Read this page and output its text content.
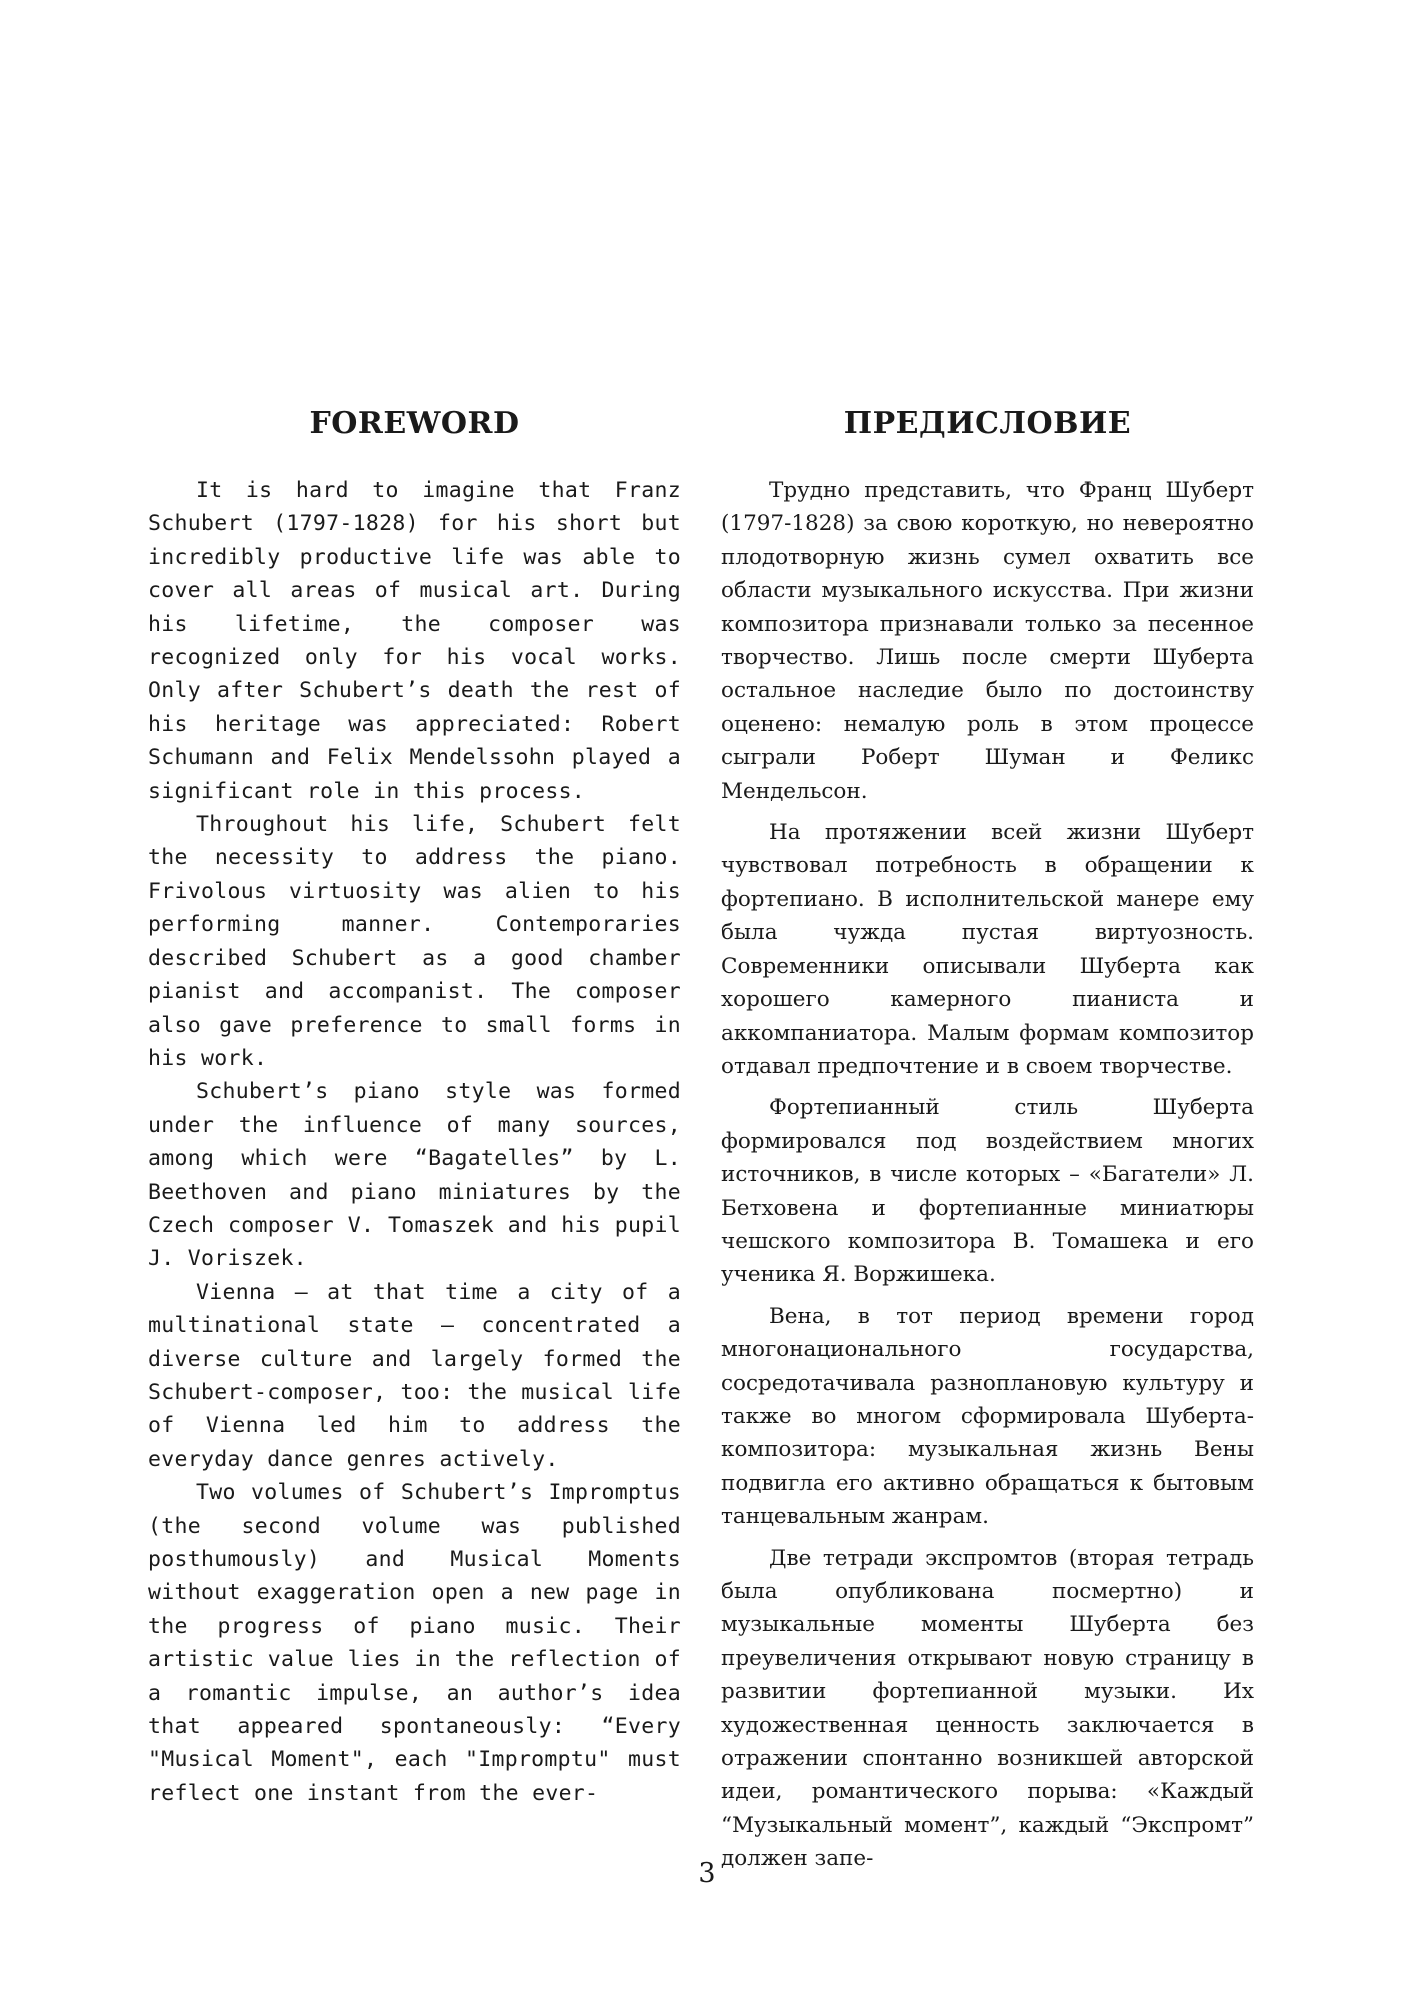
FOREWORD

It is hard to imagine that Franz Schubert (1797-1828) for his short but incredibly productive life was able to cover all areas of musical art. During his lifetime, the composer was recognized only for his vocal works. Only after Schubert’s death the rest of his heritage was appreciated: Robert Schumann and Felix Mendelssohn played a significant role in this process.

Throughout his life, Schubert felt the necessity to address the piano. Frivolous virtuosity was alien to his performing manner. Contemporaries described Schubert as a good chamber pianist and accompanist. The composer also gave preference to small forms in his work.

Schubert’s piano style was formed under the influence of many sources, among which were “Bagatelles” by L. Beethoven and piano miniatures by the Czech composer V. Tomaszek and his pupil J. Voriszek.

Vienna – at that time a city of a multinational state – concentrated a diverse culture and largely formed the Schubert-composer, too: the musical life of Vienna led him to address the everyday dance genres actively.

Two volumes of Schubert’s Impromptus (the second volume was published posthumously) and Musical Moments without exaggeration open a new page in the progress of piano music. Their artistic value lies in the reflection of a romantic impulse, an author’s idea that appeared spontaneously: “Every "Musical Moment", each "Impromptu" must reflect one instant from the ever-

ПРЕДИСЛОВИЕ

Трудно представить, что Франц Шуберт (1797-1828) за свою короткую, но невероятно плодотворную жизнь сумел охватить все области музыкального искусства. При жизни композитора признавали только за песенное творчество. Лишь после смерти Шуберта остальное наследие было по достоинству оценено: немалую роль в этом процессе сыграли Роберт Шуман и Феликс Мендельсон.

На протяжении всей жизни Шуберт чувствовал потребность в обращении к фортепиано. В исполнительской манере ему была чужда пустая виртуозность. Современники описывали Шуберта как хорошего камерного пианиста и аккомпаниатора. Малым формам композитор отдавал предпочтение и в своем творчестве.

Фортепианный стиль Шуберта формировался под воздействием многих источников, в числе которых – «Багатели» Л. Бетховена и фортепианные миниатюры чешского композитора В. Томашека и его ученика Я. Воржишека.

Вена, в тот период времени город многонационального государства, сосредотачивала разноплановую культуру и также во многом сформировала Шуберта-композитора: музыкальная жизнь Вены подвигла его активно обращаться к бытовым танцевальным жанрам.

Две тетради экспромтов (вторая тетрадь была опубликована посмертно) и музыкальные моменты Шуберта без преувеличения открывают новую страницу в развитии фортепианной музыки. Их художественная ценность заключается в отражении спонтанно возникшей авторской идеи, романтического порыва: «Каждый “Музыкальный момент”, каждый “Экспромт” должен запе-

3
